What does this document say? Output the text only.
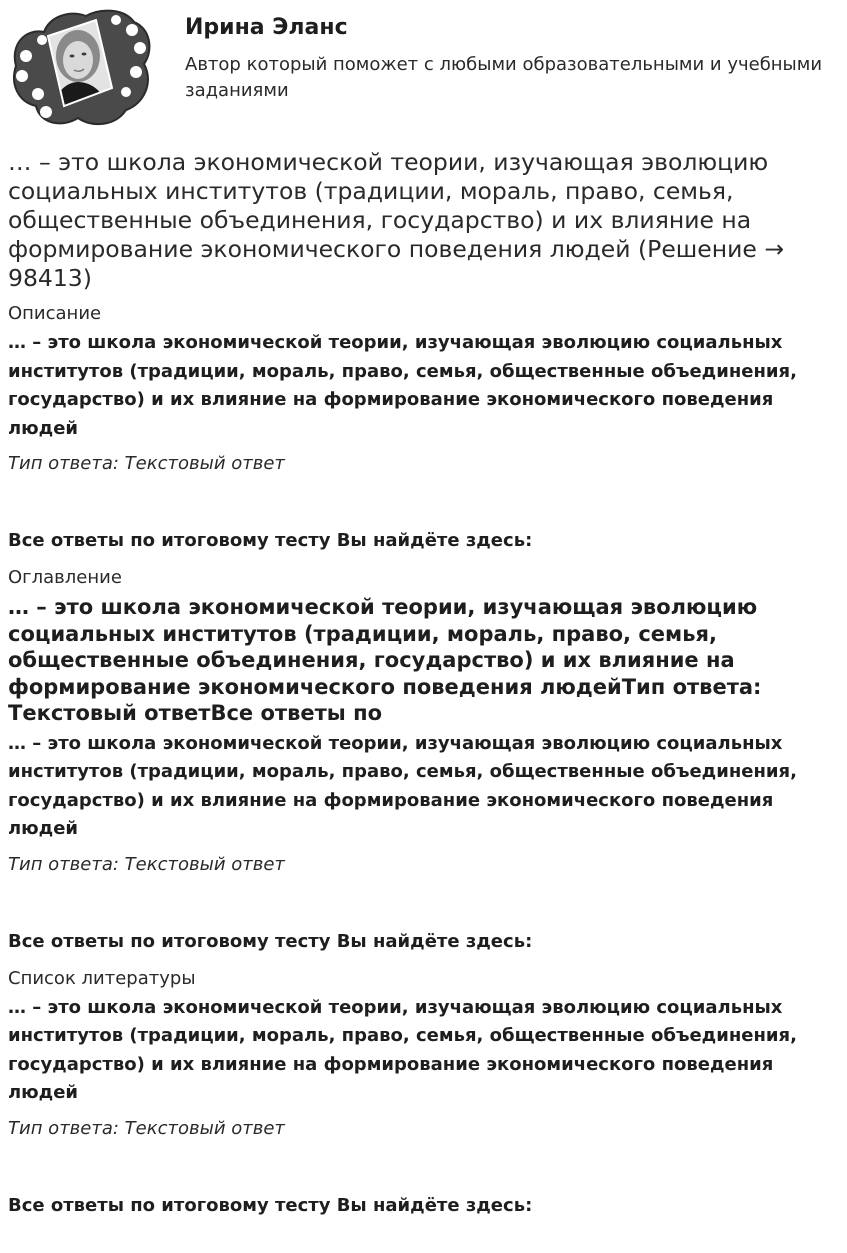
Ирина Эланс
Автор который поможет с любыми образовательными и учебными заданиями
… – это школа экономической теории, изучающая эволюцию социальных институтов (традиции, мораль, право, семья, общественные объединения, государство) и их влияние на формирование экономического поведения людей (Решение → 98413)
Описание
… – это школа экономической теории, изучающая эволюцию социальных институтов (традиции, мораль, право, семья, общественные объединения, государство) и их влияние на формирование экономического поведения людей
Тип ответа: Текстовый ответ
Все ответы по итоговому тесту Вы найдёте здесь:
Оглавление
… – это школа экономической теории, изучающая эволюцию социальных институтов (традиции, мораль, право, семья, общественные объединения, государство) и их влияние на формирование экономического поведения людейТип ответа: Текстовый ответВсе ответы по
… – это школа экономической теории, изучающая эволюцию социальных институтов (традиции, мораль, право, семья, общественные объединения, государство) и их влияние на формирование экономического поведения людей
Тип ответа: Текстовый ответ
Все ответы по итоговому тесту Вы найдёте здесь:
Список литературы
… – это школа экономической теории, изучающая эволюцию социальных институтов (традиции, мораль, право, семья, общественные объединения, государство) и их влияние на формирование экономического поведения людей
Тип ответа: Текстовый ответ
Все ответы по итоговому тесту Вы найдёте здесь:
